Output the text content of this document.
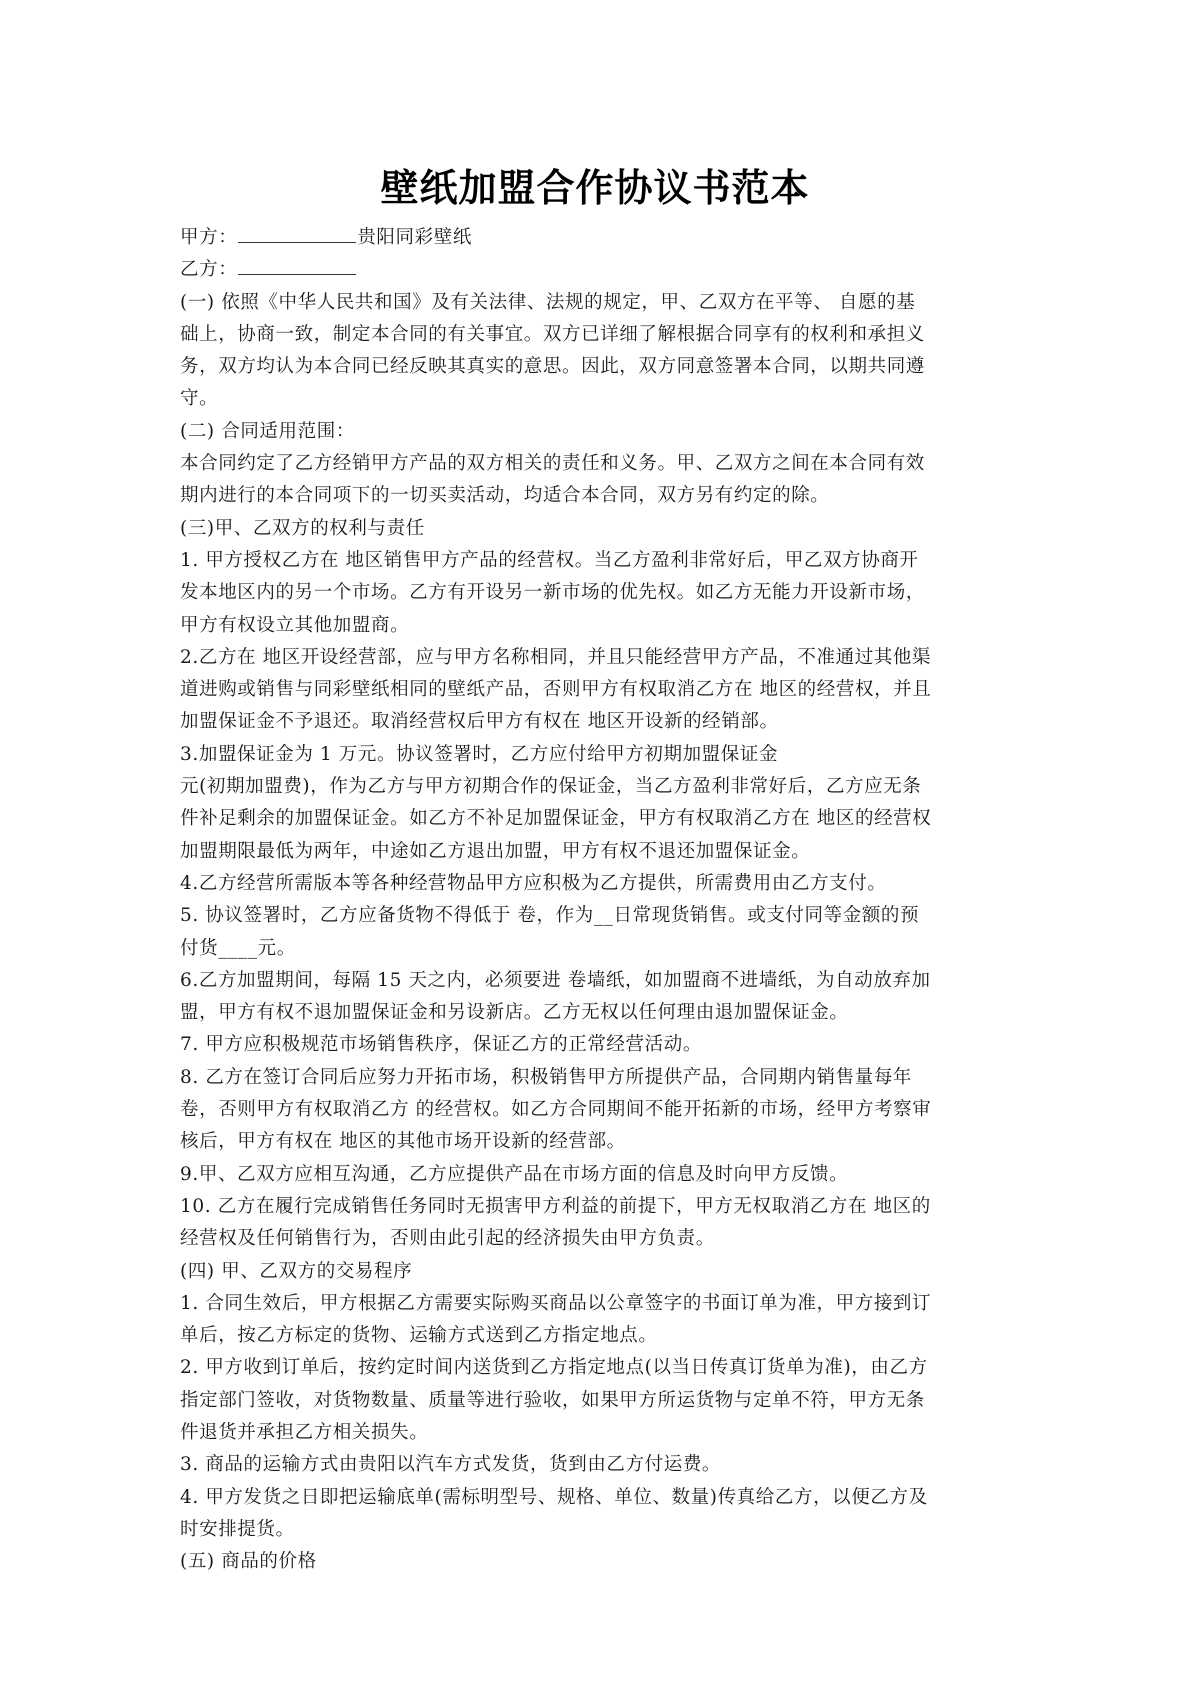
壁纸加盟合作协议书范本
甲方：	贵阳同彩壁纸
乙方：
(一) 依照《中华人民共和国》及有关法律、法规的规定，甲、乙双方在平等、 自愿的基
础上，协商一致，制定本合同的有关事宜。双方已详细了解根据合同享有的权利和承担义
务，双方均认为本合同已经反映其真实的意思。因此，双方同意签署本合同，以期共同遵
守。
(二) 合同适用范围：
本合同约定了乙方经销甲方产品的双方相关的责任和义务。甲、乙双方之间在本合同有效
期内进行的本合同项下的一切买卖活动，均适合本合同，双方另有约定的除。
(三)甲、乙双方的权利与责任
1. 甲方授权乙方在 地区销售甲方产品的经营权。当乙方盈利非常好后，甲乙双方协商开
发本地区内的另一个市场。乙方有开设另一新市场的优先权。如乙方无能力开设新市场，
甲方有权设立其他加盟商。
2.乙方在 地区开设经营部，应与甲方名称相同，并且只能经营甲方产品，不准通过其他渠
道进购或销售与同彩壁纸相同的壁纸产品，否则甲方有权取消乙方在 地区的经营权，并且
加盟保证金不予退还。取消经营权后甲方有权在 地区开设新的经销部。
3.加盟保证金为 1 万元。协议签署时，乙方应付给甲方初期加盟保证金
元(初期加盟费)，作为乙方与甲方初期合作的保证金，当乙方盈利非常好后，乙方应无条
件补足剩余的加盟保证金。如乙方不补足加盟保证金，甲方有权取消乙方在 地区的经营权
加盟期限最低为两年，中途如乙方退出加盟，甲方有权不退还加盟保证金。
4.乙方经营所需版本等各种经营物品甲方应积极为乙方提供，所需费用由乙方支付。
5. 协议签署时，乙方应备货物不得低于 卷，作为__日常现货销售。或支付同等金额的预
付货____元。
6.乙方加盟期间，每隔 15 天之内，必须要进 卷墙纸，如加盟商不进墙纸，为自动放弃加
盟，甲方有权不退加盟保证金和另设新店。乙方无权以任何理由退加盟保证金。
7. 甲方应积极规范市场销售秩序，保证乙方的正常经营活动。
8. 乙方在签订合同后应努力开拓市场，积极销售甲方所提供产品，合同期内销售量每年
卷，否则甲方有权取消乙方 的经营权。如乙方合同期间不能开拓新的市场，经甲方考察审
核后，甲方有权在 地区的其他市场开设新的经营部。
9.甲、乙双方应相互沟通，乙方应提供产品在市场方面的信息及时向甲方反馈。
10. 乙方在履行完成销售任务同时无损害甲方利益的前提下，甲方无权取消乙方在 地区的
经营权及任何销售行为，否则由此引起的经济损失由甲方负责。
(四) 甲、乙双方的交易程序
1. 合同生效后，甲方根据乙方需要实际购买商品以公章签字的书面订单为准，甲方接到订
单后，按乙方标定的货物、运输方式送到乙方指定地点。
2. 甲方收到订单后，按约定时间内送货到乙方指定地点(以当日传真订货单为准)，由乙方
指定部门签收，对货物数量、质量等进行验收，如果甲方所运货物与定单不符，甲方无条
件退货并承担乙方相关损失。
3. 商品的运输方式由贵阳以汽车方式发货，货到由乙方付运费。
4. 甲方发货之日即把运输底单(需标明型号、规格、单位、数量)传真给乙方，以便乙方及
时安排提货。
(五) 商品的价格
